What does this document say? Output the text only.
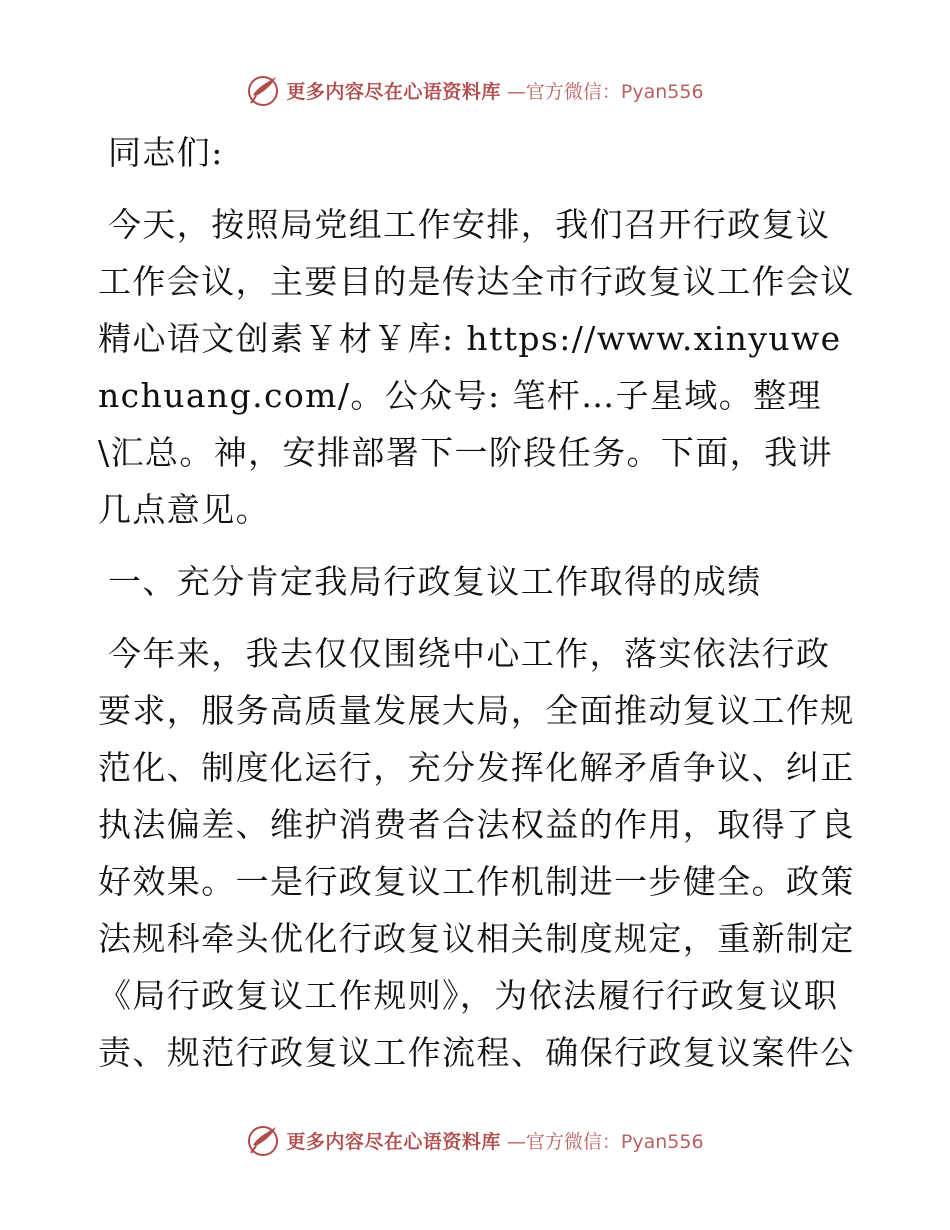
更多内容尽在心语资料库 —官方微信：Pyan556

同志们:

今天，按照局党组工作安排，我们召开行政复议工作会议，主要目的是传达全市行政复议工作会议精心语文创素￥材￥库: https://www.xinyuwenchuang.com/。公众号: 笔杆…子星域。整理\汇总。神，安排部署下一阶段任务。下面，我讲几点意见。

一、充分肯定我局行政复议工作取得的成绩

今年来，我去仅仅围绕中心工作，落实依法行政要求，服务高质量发展大局，全面推动复议工作规范化、制度化运行，充分发挥化解矛盾争议、纠正执法偏差、维护消费者合法权益的作用，取得了良好效果。一是行政复议工作机制进一步健全。政策法规科牵头优化行政复议相关制度规定，重新制定《局行政复议工作规则》，为依法履行行政复议职责、规范行政复议工作流程、确保行政复议案件公

更多内容尽在心语资料库 —官方微信：Pyan556
